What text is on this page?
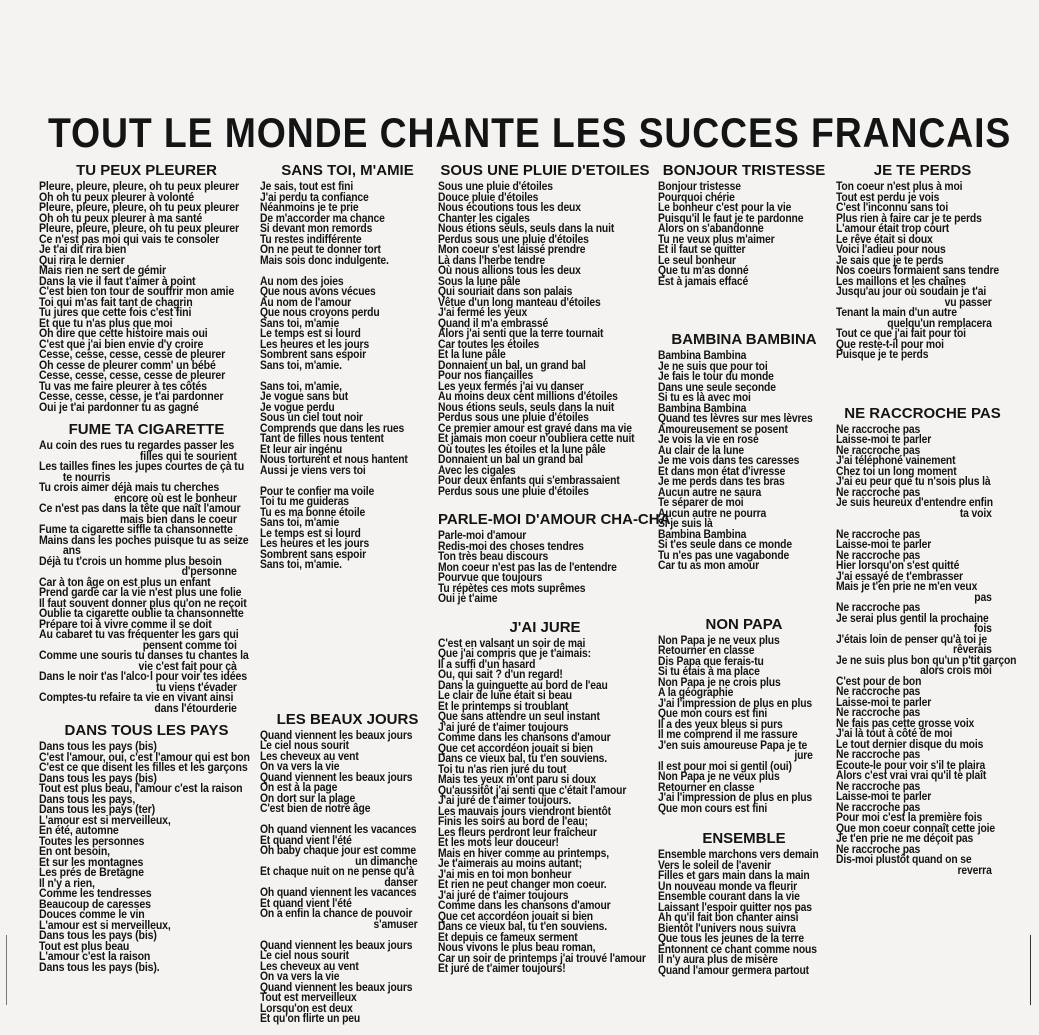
TOUT LE MONDE CHANTE LES SUCCES FRANCAIS
TU PEUX PLEURER
Pleure, pleure, pleure, oh tu peux pleurer
Oh oh tu peux pleurer à volonté
Pleure, pleure, pleure, oh tu peux pleurer
Oh oh tu peux pleurer à ma santé
Pleure, pleure, pleure, oh tu peux pleurer
Ce n'est pas moi qui vais te consoler
Je t'ai dit rira bien
Qui rira le dernier
Mais rien ne sert de gémir
Dans la vie il faut t'aimer à point
C'est bien ton tour de souffrir mon amie
Toi qui m'as fait tant de chagrin
Tu jures que cette fois c'est fini
Et que tu n'as plus que moi
Oh dire que cette histoire mais oui
C'est que j'ai bien envie d'y croire
Cesse, cesse, cesse, cesse de pleurer
Oh cesse de pleurer comm' un bébé
Cesse, cesse, cesse, cesse de pleurer
Tu vas me faire pleurer à tes côtés
Cesse, cesse, cesse, je t'ai pardonner
Oui je t'ai pardonner tu as gagné
FUME TA CIGARETTE
Au coin des rues tu regardes passer les
filles qui te sourient
Les tailles fines les jupes courtes de çà tu
te nourris
Tu crois aimer déjà mais tu cherches
encore où est le bonheur
Ce n'est pas dans la tête que naît l'amour
mais bien dans le coeur
Fume ta cigarette siffle ta chansonnette
Mains dans les poches puisque tu as seize
ans
Déjà tu t'crois un homme plus besoin
d'personne
Car à ton âge on est plus un enfant
Prend garde car la vie n'est plus une folie
Il faut souvent donner plus qu'on ne reçoit
Oublie ta cigarette oublie ta chansonnette
Prépare toi à vivre comme il se doit
Au cabaret tu vas fréquenter les gars qui
pensent comme toi
Comme une souris tu danses tu chantes la
vie c'est fait pour çà
Dans le noir t'as l'alco·l pour voir tes idées
tu viens t'évader
Comptes-tu refaire ta vie en vivant ainsi
dans l'étourderie
DANS TOUS LES PAYS
Dans tous les pays (bis)
C'est l'amour, oui, c'est l'amour qui est bon
C'est ce que disent les filles et les garçons
Dans tous les pays (bis)
Tout est plus beau, l'amour c'est la raison
Dans tous les pays,
Dans tous les pays (ter)
L'amour est si merveilleux,
En été, automne
Toutes les personnes
En ont besoin,
Et sur les montagnes
Les prés de Bretagne
Il n'y a rien,
Comme les tendresses
Beaucoup de caresses
Douces comme le vin
L'amour est si merveilleux,
Dans tous les pays (bis)
Tout est plus beau
L'amour c'est la raison
Dans tous les pays (bis).
SANS TOI, M'AMIE
Je sais, tout est fini
J'ai perdu ta confiance
Néanmoins je te prie
De m'accorder ma chance
Si devant mon remords
Tu restes indifférente
On ne peut te donner tort
Mais sois donc indulgente.
Au nom des joies
Que nous avons vécues
Au nom de l'amour
Que nous croyons perdu
Sans toi, m'amie
Le temps est si lourd
Les heures et les jours
Sombrent sans espoir
Sans toi, m'amie.
Sans toi, m'amie,
Je vogue sans but
Je vogue perdu
Sous un ciel tout noir
Comprends que dans les rues
Tant de filles nous tentent
Et leur air ingénu
Nous torturent et nous hantent
Aussi je viens vers toi
Pour te confier ma voile
Toi tu me guideras
Tu es ma bonne étoile
Sans toi, m'amie
Le temps est si lourd
Les heures et les jours
Sombrent sans espoir
Sans toi, m'amie.
LES BEAUX JOURS
Quand viennent les beaux jours
Le ciel nous sourit
Les cheveux au vent
On va vers la vie
Quand viennent les beaux jours
On est à la page
On dort sur la plage
C'est bien de notre âge
Oh quand viennent les vacances
Et quand vient l'été
Oh baby chaque jour est comme
un dimanche
Et chaque nuit on ne pense qu'à
danser
Oh quand viennent les vacances
Et quand vient l'été
On a enfin la chance de pouvoir
s'amuser
Quand viennent les beaux jours
Le ciel nous sourit
Les cheveux au vent
On va vers la vie
Quand viennent les beaux jours
Tout est merveilleux
Lorsqu'on est deux
Et qu'on flirte un peu
SOUS UNE PLUIE D'ETOILES
Sous une pluie d'étoiles
Douce pluie d'étoiles
Nous écoutions tous les deux
Chanter les cigales
Nous étions seuls, seuls dans la nuit
Perdus sous une pluie d'étoiles
Mon coeur s'est laissé prendre
Là dans l'herbe tendre
Où nous allions tous les deux
Sous la lune pâle
Qui souriait dans son palais
Vêtue d'un long manteau d'étoiles
J'ai fermé les yeux
Quand il m'a embrassé
Alors j'ai senti que la terre tournait
Car toutes les étoiles
Et la lune pâle
Donnaient un bal, un grand bal
Pour nos fiançailles
Les yeux fermés j'ai vu danser
Au moins deux cent millions d'étoiles
Nous étions seuls, seuls dans la nuit
Perdus sous une pluie d'étoiles
Ce premier amour est gravé dans ma vie
Et jamais mon coeur n'oubliera cette nuit
Où toutes les étoiles et la lune pâle
Donnaient un bal un grand bal
Avec les cigales
Pour deux enfants qui s'embrassaient
Perdus sous une pluie d'étoiles
PARLE-MOI D'AMOUR CHA-CHA
Parle-moi d'amour
Redis-moi des choses tendres
Ton très beau discours
Mon coeur n'est pas las de l'entendre
Pourvue que toujours
Tu répètes ces mots suprêmes
Oui je t'aime
J'AI JURE
C'est en valsant un soir de mai
Que j'ai compris que je t'aimais:
Il a suffi d'un hasard
Ou, qui sait ? d'un regard!
Dans la guinguette au bord de l'eau
Le clair de lune était si beau
Et le printemps si troublant
Que sans attendre un seul instant
J'ai juré de t'aimer toujours
Comme dans les chansons d'amour
Que cet accordéon jouait si bien
Dans ce vieux bal, tu t'en souviens.
Toi tu n'as rien juré du tout
Mais tes yeux m'ont paru si doux
Qu'aussitôt j'ai senti que c'était l'amour
J'ai juré de t'aimer toujours.
Les mauvais jours viendront bientôt
Finis les soirs au bord de l'eau;
Les fleurs perdront leur fraîcheur
Et les mots leur douceur!
Mais en hiver comme au printemps,
Je t'aimerais au moins autant;
J'ai mis en toi mon bonheur
Et rien ne peut changer mon coeur.
J'ai juré de t'aimer toujours
Comme dans les chansons d'amour
Que cet accordéon jouait si bien
Dans ce vieux bal, tu t'en souviens.
Et depuis ce fameux serment
Nous vivons le plus beau roman,
Car un soir de printemps j'ai trouvé l'amour
Et juré de t'aimer toujours!
BONJOUR TRISTESSE
Bonjour tristesse
Pourquoi chérie
Le bonheur c'est pour la vie
Puisqu'il le faut je te pardonne
Alors on s'abandonne
Tu ne veux plus m'aimer
Et il faut se quitter
Le seul bonheur
Que tu m'as donné
Est à jamais effacé
BAMBINA BAMBINA
Bambina Bambina
Je ne suis que pour toi
Je fais le tour du monde
Dans une seule seconde
Si tu es là avec moi
Bambina Bambina
Quand tes lèvres sur mes lèvres
Amoureusement se posent
Je vois la vie en rose
Au clair de la lune
Je me vois dans tes caresses
Et dans mon état d'ivresse
Je me perds dans tes bras
Aucun autre ne saura
Te séparer de moi
Aucun autre ne pourra
Si je suis là
Bambina Bambina
Si t'es seule dans ce monde
Tu n'es pas une vagabonde
Car tu as mon amour
NON PAPA
Non Papa je ne veux plus
Retourner en classe
Dis Papa que ferais-tu
Si tu étais à ma place
Non Papa je ne crois plus
A la géographie
J'ai l'impression de plus en plus
Que mon cours est fini
Il a des yeux bleus si purs
Il me comprend il me rassure
J'en suis amoureuse Papa je te
jure
Il est pour moi si gentil (oui)
Non Papa je ne veux plus
Retourner en classe
J'ai l'impression de plus en plus
Que mon cours est fini
ENSEMBLE
Ensemble marchons vers demain
Vers le soleil de l'avenir
Filles et gars main dans la main
Un nouveau monde va fleurir
Ensemble courant dans la vie
Laissant l'espoir quitter nos pas
Ah qu'il fait bon chanter ainsi
Bientôt l'univers nous suivra
Que tous les jeunes de la terre
Entonnent ce chant comme nous
Il n'y aura plus de misère
Quand l'amour germera partout
JE TE PERDS
Ton coeur n'est plus à moi
Tout est perdu je vois
C'est l'inconnu sans toi
Plus rien à faire car je te perds
L'amour était trop court
Le rêve était si doux
Voici l'adieu pour nous
Je sais que je te perds
Nos coeurs formaient sans tendre
Les maillons et les chaînes
Jusqu'au jour où soudain je t'ai
vu passer
Tenant la main d'un autre
quelqu'un remplacera
Tout ce que j'ai fait pour toi
Que reste-t-il pour moi
Puisque je te perds
NE RACCROCHE PAS
Ne raccroche pas
Laisse-moi te parler
Ne raccroche pas
J'ai téléphoné vainement
Chez toi un long moment
J'ai eu peur que tu n'sois plus là
Ne raccroche pas
Je suis heureux d'entendre enfin
ta voix
Ne raccroche pas
Laisse-moi te parler
Ne raccroche pas
Hier lorsqu'on s'est quitté
J'ai essayé de t'embrasser
Mais je t'en prie ne m'en veux
pas
Ne raccroche pas
Je serai plus gentil la prochaine
fois
J'étais loin de penser qu'à toi je
rêverais
Je ne suis plus bon qu'un p'tit garçon
alors crois moi
C'est pour de bon
Ne raccroche pas
Laisse-moi te parler
Ne raccroche pas
Ne fais pas cette grosse voix
J'ai là tout à côté de moi
Le tout dernier disque du mois
Ne raccroche pas
Ecoute-le pour voir s'il te plaira
Alors c'est vrai vrai qu'il te plaît
Ne raccroche pas
Laisse-moi te parler
Ne raccroche pas
Pour moi c'est la première fois
Que mon coeur connaît cette joie
Je t'en prie ne me déçoit pas
Ne raccroche pas
Dis-moi plustôt quand on se
reverra
